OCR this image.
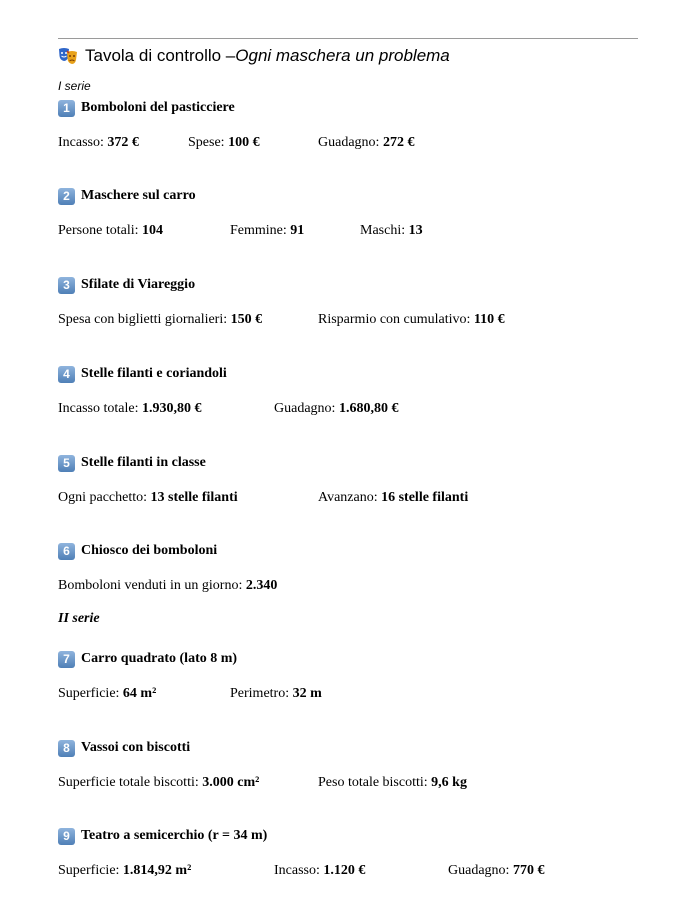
Tavola di controllo – Ogni maschera un problema
I serie
II serie
1 Bomboloni del pasticciere
Incasso: 372 €	Spese: 100 €	Guadagno: 272 €
2 Maschere sul carro
Persone totali: 104	Femmine: 91	Maschi: 13
3 Sfilate di Viareggio
Spesa con biglietti giornalieri: 150 €	Risparmio con cumulativo: 110 €
4 Stelle filanti e coriandoli
Incasso totale: 1.930,80 €	Guadagno: 1.680,80 €
5 Stelle filanti in classe
Ogni pacchetto: 13 stelle filanti	Avanzano: 16 stelle filanti
6 Chiosco dei bomboloni
Bomboloni venduti in un giorno: 2.340
7 Carro quadrato (lato 8 m)
Superficie: 64 m²	Perimetro: 32 m
8 Vassoi con biscotti
Superficie totale biscotti: 3.000 cm²	Peso totale biscotti: 9,6 kg
9 Teatro a semicerchio (r = 34 m)
Superficie: 1.814,92 m²	Incasso: 1.120 €	Guadagno: 770 €
